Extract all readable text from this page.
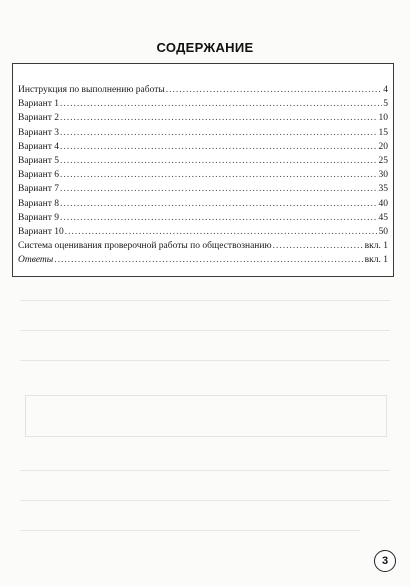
СОДЕРЖАНИЕ
Инструкция по выполнению работы .....	4
Вариант 1 .....	5
Вариант 2 .....	10
Вариант 3 .....	15
Вариант 4 .....	20
Вариант 5 .....	25
Вариант 6 .....	30
Вариант 7 .....	35
Вариант 8 .....	40
Вариант 9 .....	45
Вариант 10 .....	50
Система оценивания проверочной работы по обществознанию .....	вкл. 1
Ответы .....	вкл. 1
3
